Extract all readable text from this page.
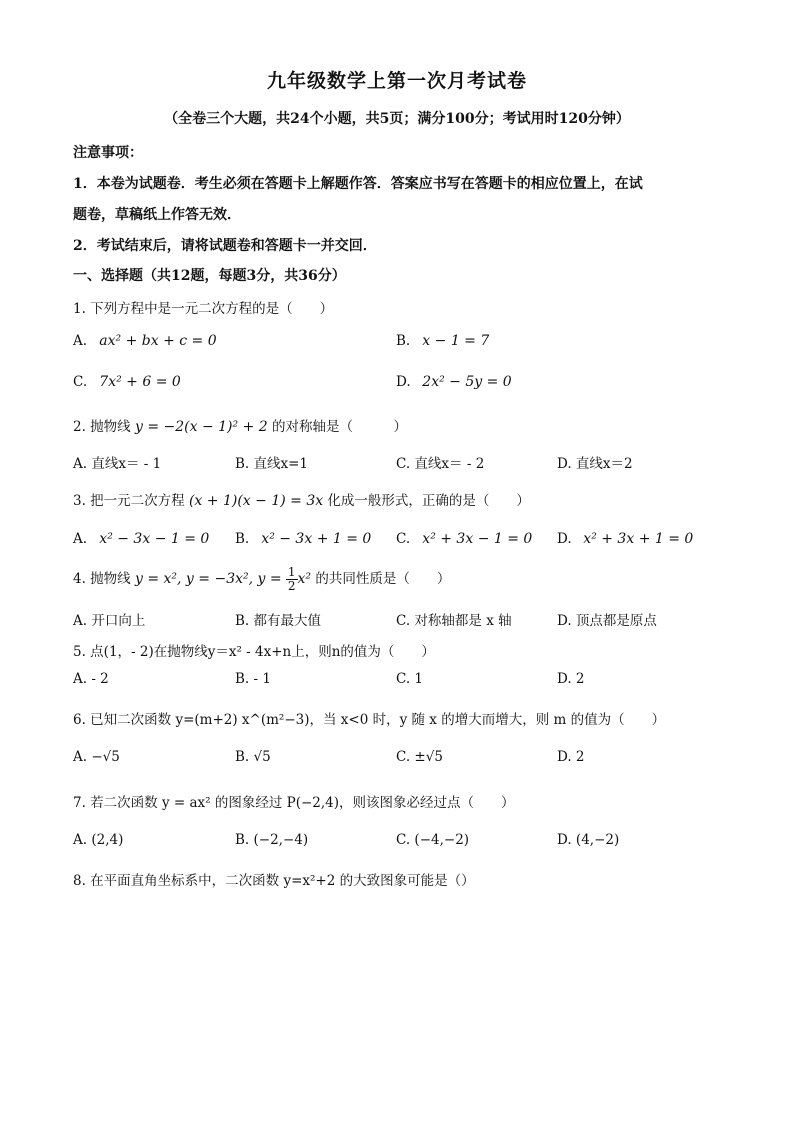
九年级数学上第一次月考试卷
（全卷三个大题，共24个小题，共5页；满分100分；考试用时120分钟）
注意事项：
1．本卷为试题卷．考生必须在答题卡上解题作答．答案应书写在答题卡的相应位置上，在试
题卷，草稿纸上作答无效．
2．考试结束后，请将试题卷和答题卡一并交回．
一、选择题（共12题，每题3分，共36分）
1. 下列方程中是一元二次方程的是（　　）
A. ax² + bx + c = 0	B. x − 1 = 7
C. 7x² + 6 = 0	D. 2x² − 5y = 0
2. 抛物线 y = −2(x − 1)² + 2 的对称轴是（　　　）
A. 直线x＝ - 1	B. 直线x=1	C. 直线x＝ - 2	D. 直线x＝2
3. 把一元二次方程 (x + 1)(x − 1) = 3x 化成一般形式，正确的是（　　）
A. x² − 3x − 1 = 0 B. x² − 3x + 1 = 0 C. x² + 3x − 1 = 0 D. x² + 3x + 1 = 0
4. 抛物线 y = x², y = −3x², $y = \frac{1}{2} x^2$ 的共同性质是（　　）
A. 开口向上	B. 都有最大值	C. 对称轴都是 x 轴	D. 顶点都是原点
5. 点(1，- 2)在抛物线y＝x² - 4x+n上，则n的值为（　　）
A. - 2	B. - 1	C. 1	D. 2
6. 已知二次函数 y=(m+2) x^(m²−3)，当 x<0 时，y 随 x 的增大而增大，则 m 的值为（　　）
A. −√5	B. √5	C. ±√5	D. 2
7. 若二次函数 y = ax² 的图象经过 P(−2,4)，则该图象必经过点（　　）
A. (2,4)	B. (−2,−4)	C. (−4,−2)	D. (4,−2)
8. 在平面直角坐标系中，二次函数 y=x²+2 的大致图象可能是（）
